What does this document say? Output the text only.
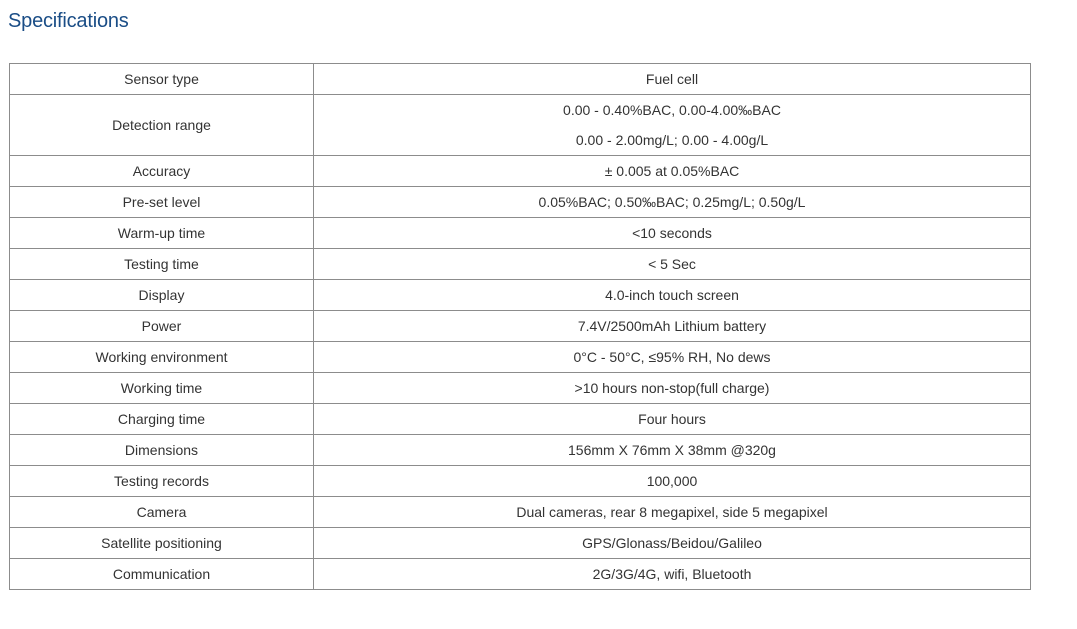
Specifications
Sensor type	Fuel cell

Detection range	0.00 - 0.40%BAC, 0.00-4.00‰BAC
0.00 - 2.00mg/L; 0.00 - 4.00g/L

Accuracy	± 0.005 at 0.05%BAC

Pre-set level	0.05%BAC; 0.50‰BAC; 0.25mg/L; 0.50g/L

Warm-up time	<10 seconds

Testing time	< 5 Sec

Display	4.0-inch touch screen

Power	7.4V/2500mAh Lithium battery

Working environment	0°C - 50°C, ≤95% RH, No dews

Working time	>10 hours non-stop(full charge)

Charging time	Four hours

Dimensions	156mm X 76mm X 38mm @320g

Testing records	100,000

Camera	Dual cameras, rear 8 megapixel, side 5 megapixel

Satellite positioning	GPS/Glonass/Beidou/Galileo

Communication	2G/3G/4G, wifi, Bluetooth
